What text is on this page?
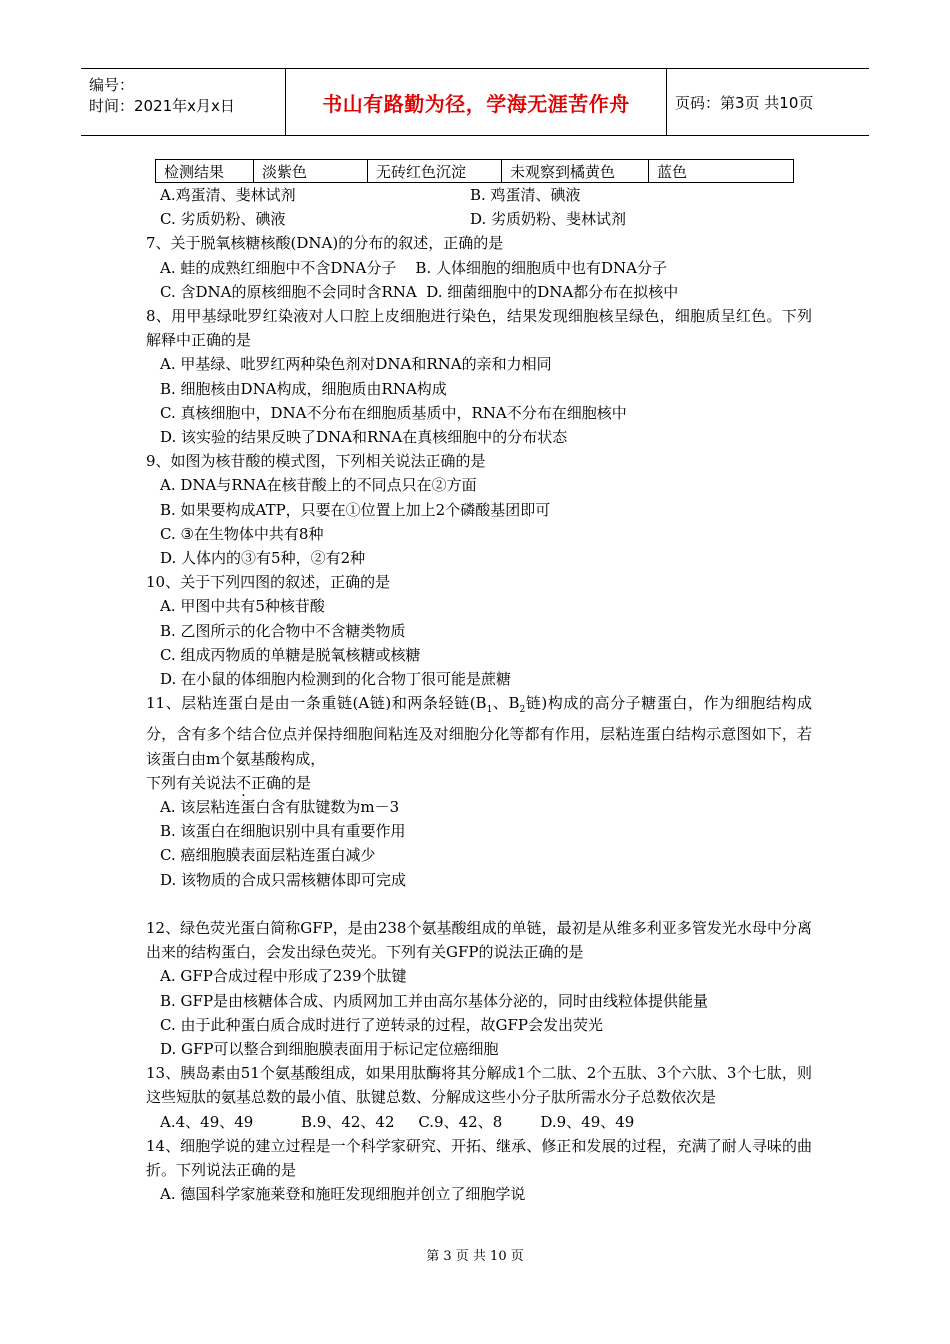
编号：
时间：2021年x月x日	书山有路勤为径，学海无涯苦作舟	页码：第3页 共10页
检测结果	淡紫色	无砖红色沉淀	未观察到橘黄色	蓝色
A.鸡蛋清、斐林试剂	B. 鸡蛋清、碘液
C. 劣质奶粉、碘液	D. 劣质奶粉、斐林试剂
7、关于脱氧核糖核酸(DNA)的分布的叙述，正确的是
A. 蛙的成熟红细胞中不含DNA分子    B. 人体细胞的细胞质中也有DNA分子
C. 含DNA的原核细胞不会同时含RNA  D. 细菌细胞中的DNA都分布在拟核中
8、用甲基绿吡罗红染液对人口腔上皮细胞进行染色，结果发现细胞核呈绿色，细胞质呈红色。下列解释中正确的是
A. 甲基绿、吡罗红两种染色剂对DNA和RNA的亲和力相同
B. 细胞核由DNA构成，细胞质由RNA构成
C. 真核细胞中，DNA不分布在细胞质基质中，RNA不分布在细胞核中
D. 该实验的结果反映了DNA和RNA在真核细胞中的分布状态
9、如图为核苷酸的模式图，下列相关说法正确的是
A. DNA与RNA在核苷酸上的不同点只在②方面
B. 如果要构成ATP，只要在①位置上加上2个磷酸基团即可
C. ③在生物体中共有8种
D. 人体内的③有5种，②有2种
10、关于下列四图的叙述，正确的是
A. 甲图中共有5种核苷酸
B. 乙图所示的化合物中不含糖类物质
C. 组成丙物质的单糖是脱氧核糖或核糖
D. 在小鼠的体细胞内检测到的化合物丁很可能是蔗糖
11、层粘连蛋白是由一条重链(A链)和两条轻链($B_1$、$B_2$链)构成的高分子糖蛋白，作为细胞结构成分，含有多个结合位点并保持细胞间粘连及对细胞分化等都有作用，层粘连蛋白结构示意图如下，若该蛋白由m个氨基酸构成，
下列有关说法不正确的是
A. 该层粘连蛋白含有肽键数为m－3
B. 该蛋白在细胞识别中具有重要作用
C. 癌细胞膜表面层粘连蛋白减少
D. 该物质的合成只需核糖体即可完成
12、绿色荧光蛋白简称GFP，是由238个氨基酸组成的单链，最初是从维多利亚多管发光水母中分离出来的结构蛋白，会发出绿色荧光。下列有关GFP的说法正确的是
A. GFP合成过程中形成了239个肽键
B. GFP是由核糖体合成、内质网加工并由高尔基体分泌的，同时由线粒体提供能量
C. 由于此种蛋白质合成时进行了逆转录的过程，故GFP会发出荧光
D. GFP可以整合到细胞膜表面用于标记定位癌细胞
13、胰岛素由51个氨基酸组成，如果用肽酶将其分解成1个二肽、2个五肽、3个六肽、3个七肽，则这些短肽的氨基总数的最小值、肽键总数、分解成这些小分子肽所需水分子总数依次是
A.4、49、49          B.9、42、42     C.9、42、8        D.9、49、49
14、细胞学说的建立过程是一个科学家研究、开拓、继承、修正和发展的过程，充满了耐人寻味的曲折。下列说法正确的是
A. 德国科学家施莱登和施旺发现细胞并创立了细胞学说
第 3 页 共 10 页
